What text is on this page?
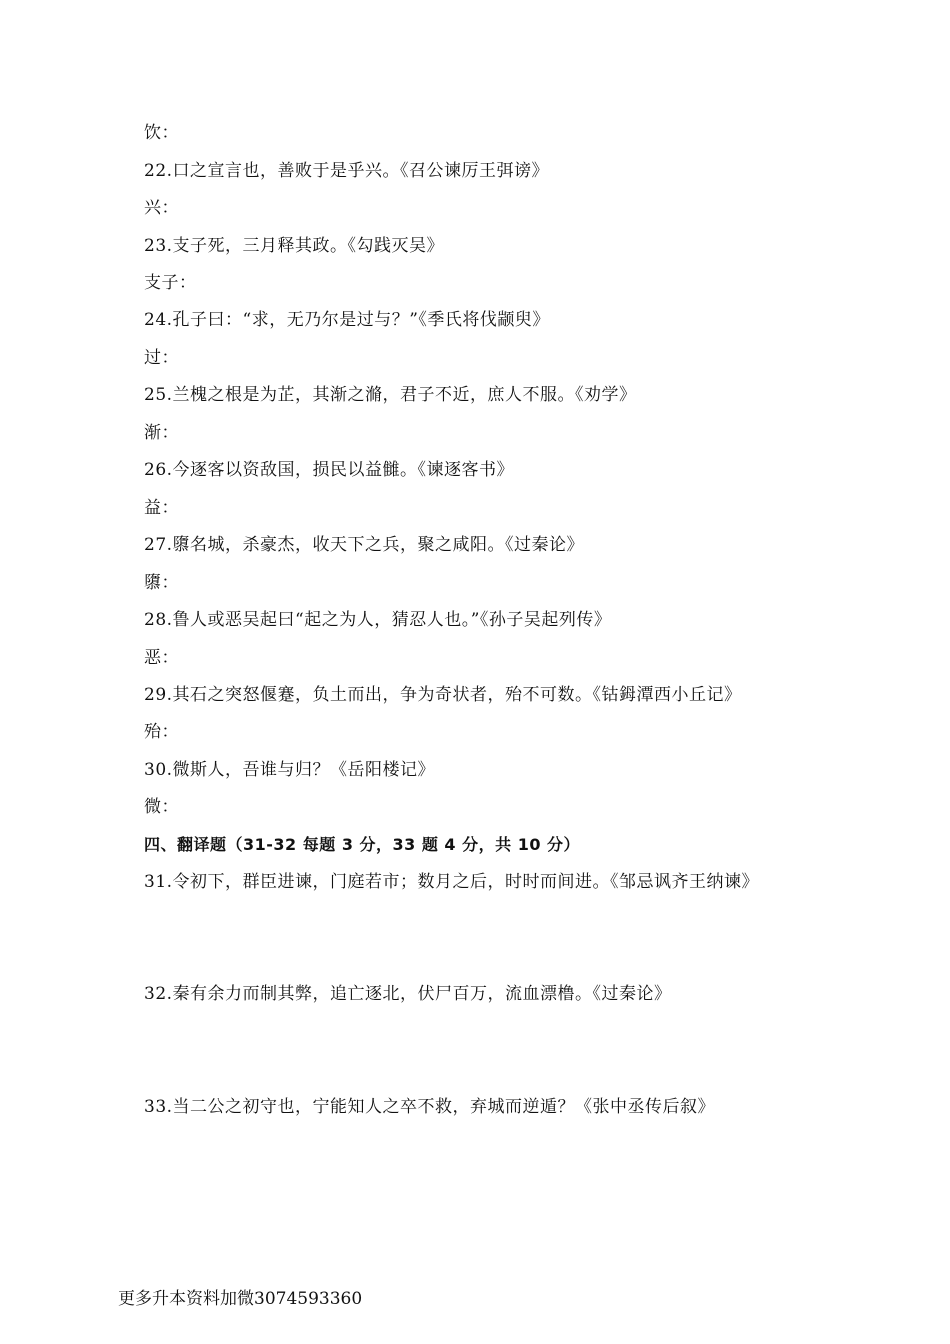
饮：
22.口之宣言也，善败于是乎兴。《召公谏厉王弭谤》
兴：
23.支子死，三月释其政。《勾践灭吴》
支子：
24.孔子曰：“求，无乃尔是过与？”《季氏将伐颛臾》
过：
25.兰槐之根是为芷，其渐之滫，君子不近，庶人不服。《劝学》
渐：
26.今逐客以资敌国，损民以益雠。《谏逐客书》
益：
27.隳名城，杀豪杰，收天下之兵，聚之咸阳。《过秦论》
隳：
28.鲁人或恶吴起曰“起之为人，猜忍人也。”《孙子吴起列传》
恶：
29.其石之突怒偃蹇，负土而出，争为奇状者，殆不可数。《钴鉧潭西小丘记》
殆：
30.微斯人，吾谁与归？《岳阳楼记》
微：
四、翻译题（31-32 每题 3 分，33 题 4 分，共 10 分）
31.令初下，群臣进谏，门庭若市；数月之后，时时而间进。《邹忌讽齐王纳谏》
32.秦有余力而制其弊，追亡逐北，伏尸百万，流血漂橹。《过秦论》
33.当二公之初守也，宁能知人之卒不救，弃城而逆遁？《张中丞传后叙》
更多升本资料加微3074593360
